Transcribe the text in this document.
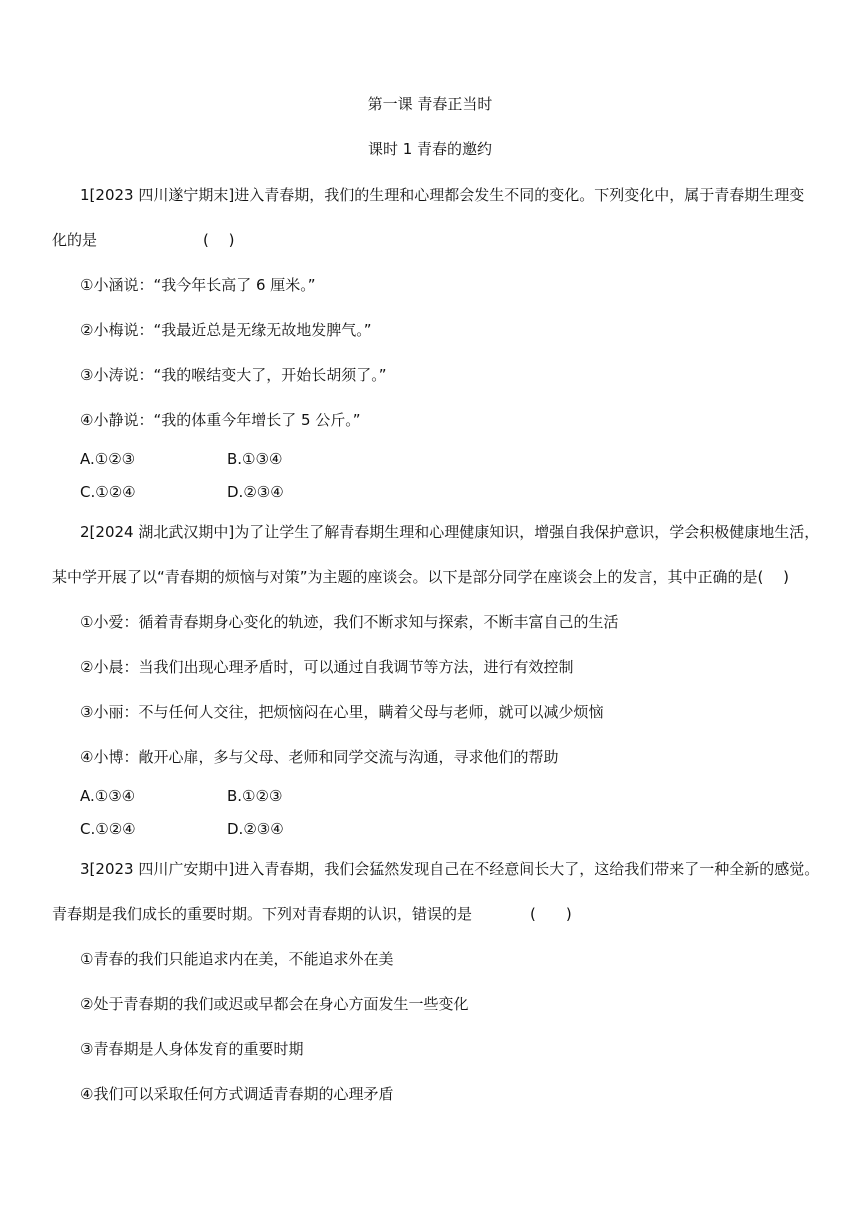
第一课 青春正当时
课时 1 青春的邀约
1[2023 四川遂宁期末]进入青春期，我们的生理和心理都会发生不同的变化。下列变化中，属于青春期生理变
化的是	(　 )
①小涵说：“我今年长高了 6 厘米。”
②小梅说：“我最近总是无缘无故地发脾气。”
③小涛说：“我的喉结变大了，开始长胡须了。”
④小静说：“我的体重今年增长了 5 公斤。”
A.①②③	B.①③④
C.①②④	D.②③④
2[2024 湖北武汉期中]为了让学生了解青春期生理和心理健康知识，增强自我保护意识，学会积极健康地生活，
某中学开展了以“青春期的烦恼与对策”为主题的座谈会。以下是部分同学在座谈会上的发言，其中正确的是(　 )
①小爱：循着青春期身心变化的轨迹，我们不断求知与探索，不断丰富自己的生活
②小晨：当我们出现心理矛盾时，可以通过自我调节等方法，进行有效控制
③小丽：不与任何人交往，把烦恼闷在心里，瞒着父母与老师，就可以减少烦恼
④小博：敞开心扉，多与父母、老师和同学交流与沟通，寻求他们的帮助
A.①③④	B.①②③
C.①②④	D.②③④
3[2023 四川广安期中]进入青春期，我们会猛然发现自己在不经意间长大了，这给我们带来了一种全新的感觉。
青春期是我们成长的重要时期。下列对青春期的认识，错误的是	(　　)
①青春的我们只能追求内在美，不能追求外在美
②处于青春期的我们或迟或早都会在身心方面发生一些变化
③青春期是人身体发育的重要时期
④我们可以采取任何方式调适青春期的心理矛盾
